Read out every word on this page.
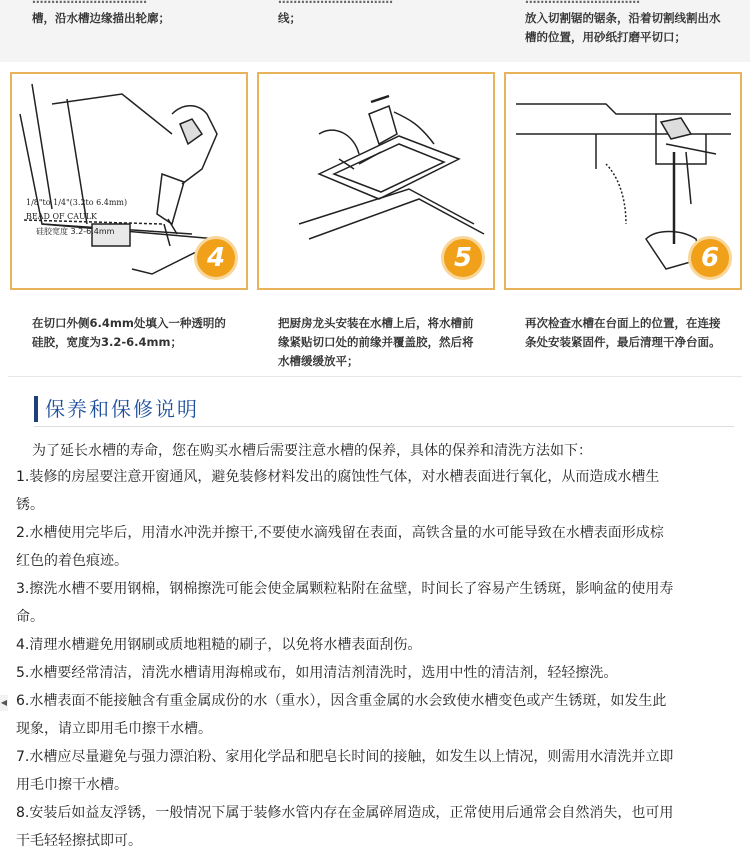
槽，沿水槽边缘描出轮廓；	线；	放入切割锯的锯条，沿着切割线割出水
槽的位置，用砂纸打磨平切口；
1/8"to 1/4"(3.2to 6.4mm)
BEAD OF CAULK
硅胶宽度 3.2-6.4mm
4	5	6
在切口外侧6.4mm处填入一种透明的
硅胶，宽度为3.2-6.4mm；
把厨房龙头安装在水槽上后，将水槽前
缘紧贴切口处的前缘并覆盖胶，然后将
水槽缓缓放平；
再次检查水槽在台面上的位置，在连接
条处安装紧固件，最后清理干净台面。
保养和保修说明
为了延长水槽的寿命，您在购买水槽后需要注意水槽的保养，具体的保养和清洗方法如下：

1.装修的房屋要注意开窗通风，避免装修材料发出的腐蚀性气体，对水槽表面进行氧化，从而造成水槽生

锈。

2.水槽使用完毕后，用清水冲洗并擦干,不要使水滴残留在表面，高铁含量的水可能导致在水槽表面形成棕

红色的着色痕迹。

3.擦洗水槽不要用钢棉，钢棉擦洗可能会使金属颗粒粘附在盆壁，时间长了容易产生锈斑，影响盆的使用寿

命。

4.清理水槽避免用钢刷或质地粗糙的刷子，以免将水槽表面刮伤。

5.水槽要经常清洁，清洗水槽请用海棉或布，如用清洁剂清洗时，选用中性的清洁剂，轻轻擦洗。

6.水槽表面不能接触含有重金属成份的水（重水），因含重金属的水会致使水槽变色或产生锈斑，如发生此

现象，请立即用毛巾擦干水槽。

7.水槽应尽量避免与强力漂泊粉、家用化学品和肥皂长时间的接触，如发生以上情况，则需用水清洗并立即

用毛巾擦干水槽。

8.安装后如益友浮锈，一般情况下属于装修水管内存在金属碎屑造成，正常使用后通常会自然消失，也可用

干毛轻轻擦拭即可。

◀
